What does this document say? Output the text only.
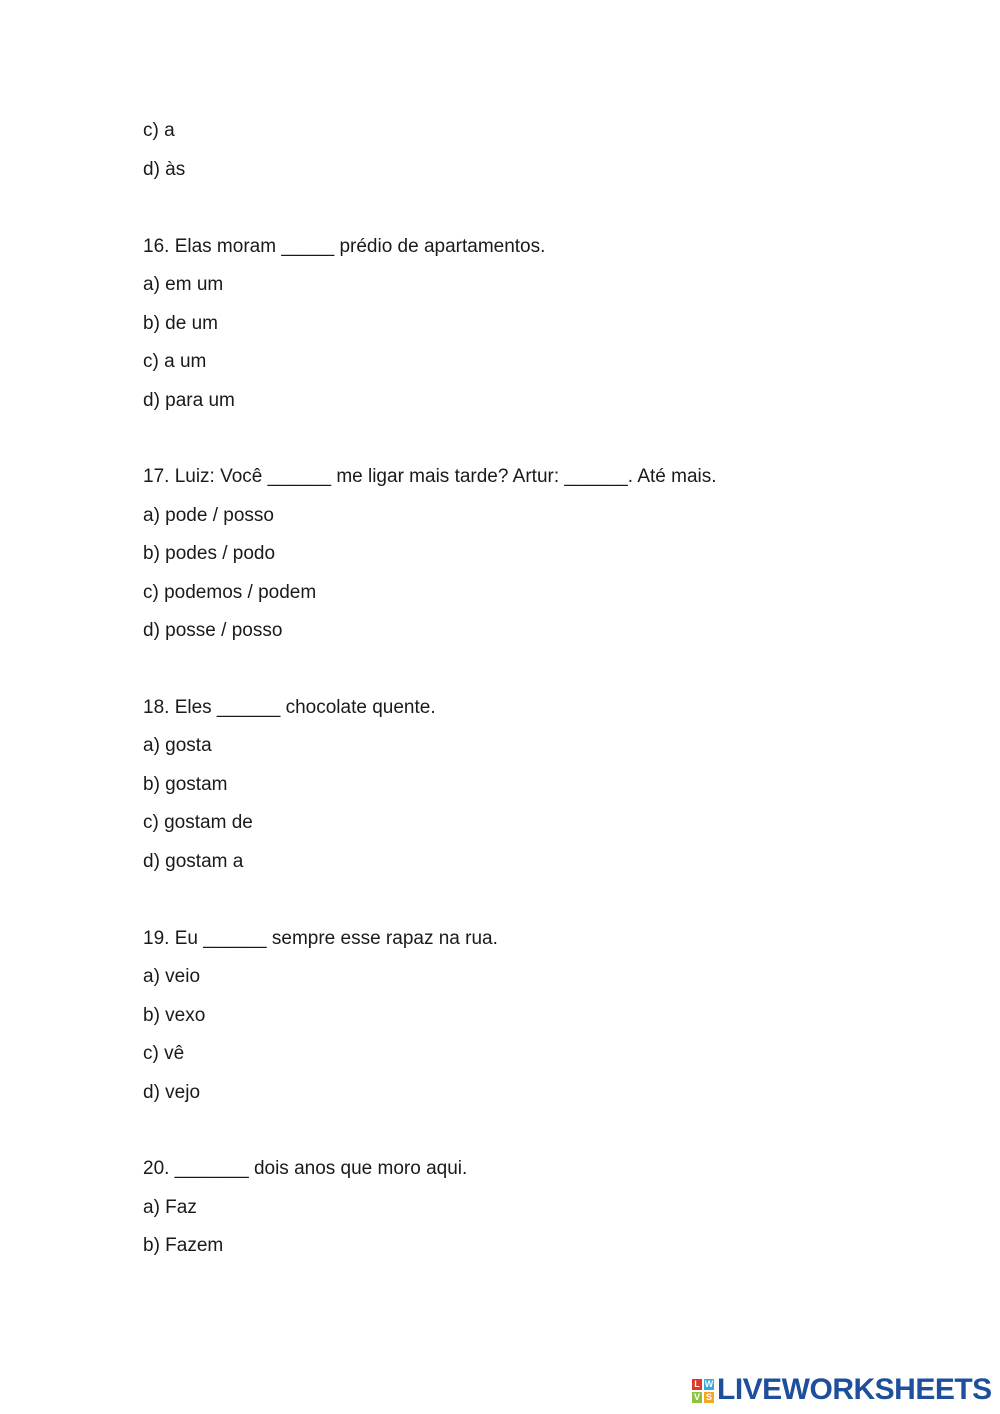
c) a
d) às
16. Elas moram _____ prédio de apartamentos.
a) em um
b) de um
c) a um
d) para um
17. Luiz: Você ______ me ligar mais tarde? Artur: ______. Até mais.
a) pode / posso
b) podes / podo
c) podemos / podem
d) posse / posso
18. Eles ______ chocolate quente.
a) gosta
b) gostam
c) gostam de
d) gostam a
19. Eu ______ sempre esse rapaz na rua.
a) veio
b) vexo
c) vê
d) vejo
20. _______ dois anos que moro aqui.
a) Faz
b) Fazem
L W
V S LIVEWORKSHEETS
